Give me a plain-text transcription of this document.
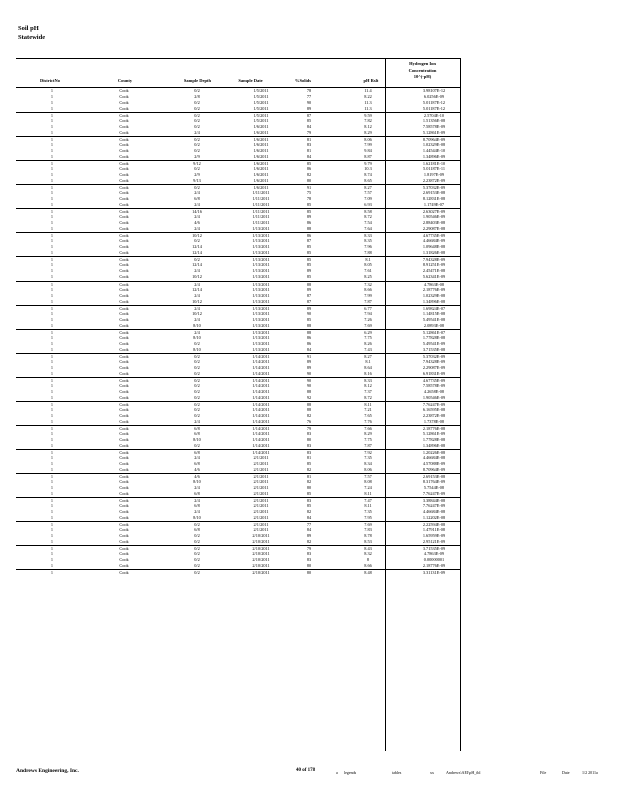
Soil pH
Statewide
DistrictNo	County	Sample Depth	Sample Date	%Solids	pH Rslt
Hydrogen Ion
Concentration
10^(-pH)
1	Cook	0/2	1/5/2011	78	11.4	3.98107E-12
1	Cook	2/8	1/5/2011	77	8.22	6.0256E-09
1	Cook	0/2	1/5/2011	90	11.3	5.01187E-12
1	Cook	0/2	1/5/2011	89	11.3	5.01187E-12
1	Cook	0/2	1/5/2011	87	9.59	2.5704E-10
1	Cook	0/2	1/5/2011	85	7.82	1.51356E-08
1	Cook	0/2	1/6/2011	84	8.12	7.58578E-09
1	Cook	2/4	1/6/2011	79	8.29	5.12861E-09
1	Cook	0/2	1/6/2011	81	8.06	8.70964E-09
1	Cook	0/2	1/6/2011	83	7.99	1.02329E-08
1	Cook	0/2	1/6/2011	81	9.84	1.44544E-10
1	Cook	2/9	1/6/2011	84	8.87	1.34896E-09
1	Cook	9/12	1/6/2011	85	9.79	1.62181E-10
1	Cook	0/2	1/6/2011	86	10.3	5.01187E-11
1	Cook	2/9	1/6/2011	82	8.74	1.8197E-09
1	Cook	9/13	1/6/2011	80	8.65	2.23872E-09
1	Cook	0/2	1/6/2011	91	8.27	5.37032E-09
1	Cook	2/4	1/11/2011	75	7.57	2.69153E-08
1	Cook	6/8	1/11/2011	78	7.09	8.12831E-08
1	Cook	2/4	1/11/2011	85	6.93	1.1749E-07
1	Cook	14/16	1/11/2011	85	8.58	2.63027E-09
1	Cook	2/4	1/11/2011	89	8.72	1.90546E-09
1	Cook	4/6	1/11/2011	86	7.54	2.88403E-08
1	Cook	2/4	1/13/2011	88	7.64	2.29087E-08
1	Cook	10/12	1/13/2011	86	8.33	4.67735E-09
1	Cook	0/2	1/13/2011	87	8.35	4.46684E-09
1	Cook	12/14	1/13/2011	85	7.96	1.09648E-08
1	Cook	12/14	1/13/2011	85	7.88	1.31826E-08
1	Cook	0/2	1/13/2011	85	8.1	7.94328E-09
1	Cook	12/14	1/13/2011	85	8.05	8.91251E-09
1	Cook	2/4	1/13/2011	89	7.61	2.45471E-08
1	Cook	10/12	1/13/2011	85	8.25	5.62341E-09
1	Cook	2/4	1/13/2011	88	7.32	4.7863E-08
1	Cook	12/14	1/13/2011	89	8.66	2.18776E-09
1	Cook	2/4	1/13/2011	87	7.99	1.02329E-08
1	Cook	10/12	1/13/2011	87	7.87	1.34896E-08
1	Cook	2/4	1/13/2011	89	6.77	1.69824E-07
1	Cook	10/12	1/13/2011	90	7.94	1.14815E-08
1	Cook	2/4	1/13/2011	85	7.26	5.49541E-08
1	Cook	8/10	1/13/2011	88	7.69	2.0893E-08
1	Cook	2/4	1/13/2011	88	6.29	5.12861E-07
1	Cook	8/10	1/13/2011	86	7.75	1.77828E-08
1	Cook	0/2	1/13/2011	86	8.26	5.49541E-09
1	Cook	8/10	1/13/2011	84	7.43	3.71535E-08
1	Cook	0/2	1/14/2011	91	8.27	5.37032E-09
1	Cook	0/2	1/14/2011	89	8.1	7.94328E-09
1	Cook	0/2	1/14/2011	89	8.64	2.29087E-09
1	Cook	0/2	1/14/2011	90	8.16	6.91831E-09
1	Cook	0/2	1/14/2011	90	8.33	4.67735E-09
1	Cook	0/2	1/14/2011	90	8.12	7.58578E-09
1	Cook	0/2	1/14/2011	88	7.37	4.2658E-08
1	Cook	0/2	1/14/2011	92	8.72	1.90546E-09
1	Cook	0/2	1/14/2011	88	8.11	7.76247E-09
1	Cook	0/2	1/14/2011	88	7.21	6.16595E-08
1	Cook	0/2	1/14/2011	82	7.65	2.23872E-08
1	Cook	2/4	1/14/2011	76	7.76	1.7378E-08
1	Cook	6/8	1/14/2011	79	7.66	2.18776E-08
1	Cook	6/8	1/14/2011	83	8.29	5.12861E-09
1	Cook	8/10	1/14/2011	80	7.75	1.77828E-08
1	Cook	0/2	1/14/2011	83	7.87	1.34896E-08
1	Cook	6/8	1/14/2011	83	7.92	1.20226E-08
1	Cook	2/4	2/1/2011	81	7.35	4.46684E-08
1	Cook	6/8	2/1/2011	85	8.34	4.57088E-09
1	Cook	4/6	2/1/2011	82	8.06	8.70964E-09
1	Cook	4/6	2/1/2011	81	7.57	2.69153E-08
1	Cook	8/10	2/1/2011	82	8.08	8.31764E-09
1	Cook	2/4	2/1/2011	80	7.24	5.7544E-08
1	Cook	6/8	2/1/2011	85	8.11	7.76247E-09
1	Cook	2/4	2/1/2011	83	7.47	3.38844E-08
1	Cook	6/8	2/1/2011	85	8.11	7.76247E-09
1	Cook	2/4	2/1/2011	82	7.35	4.46684E-08
1	Cook	8/10	2/1/2011	84	7.95	1.12202E-08
1	Cook	0/2	2/1/2011	77	7.69	2.22594E-08
1	Cook	6/8	2/1/2011	84	7.83	1.47911E-08
1	Cook	0/2	2/10/2011	89	8.78	1.65959E-09
1	Cook	0/2	2/10/2011	82	8.53	2.95121E-09
1	Cook	0/2	2/10/2011	79	8.43	3.71535E-09
1	Cook	0/2	2/10/2011	83	8.32	4.7863E-09
1	Cook	0/2	2/10/2011	83	8	0.00000001
1	Cook	0/2	2/10/2011	80	8.66	2.18776E-09
1	Cook	0/2	2/10/2011	80	8.48	3.31131E-09
Andrews Engineering, Inc.	40 of 178	a legends	tables	xx	Andrews\AEI\pH_tbl	File	Date	1/2 2011a
